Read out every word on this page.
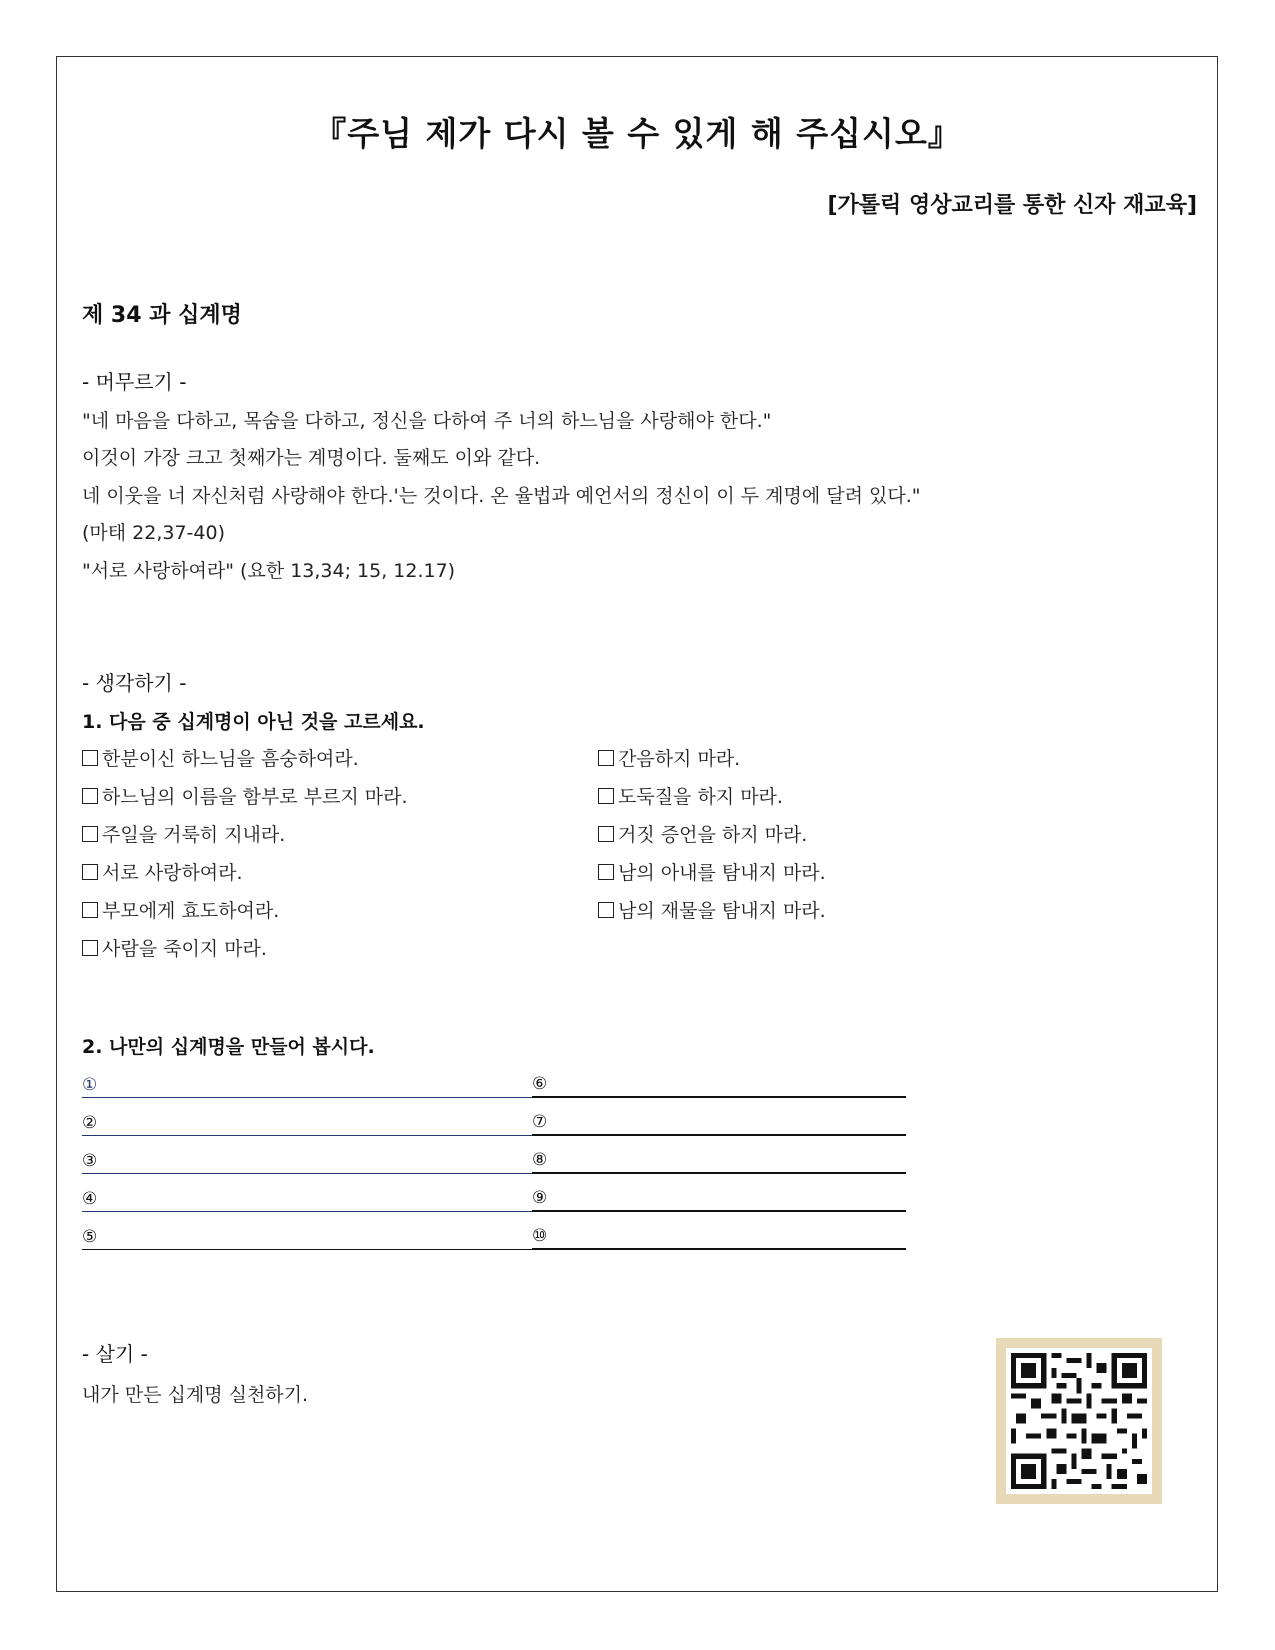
『주님 제가 다시 볼 수 있게 해 주십시오』
[가톨릭 영상교리를 통한 신자 재교육]
제 34 과 십계명
- 머무르기 -
"네 마음을 다하고, 목숨을 다하고, 정신을 다하여 주 너의 하느님을 사랑해야 한다."
이것이 가장 크고 첫째가는 계명이다. 둘째도 이와 같다.
네 이웃을 너 자신처럼 사랑해야 한다.'는 것이다. 온 율법과 예언서의 정신이 이 두 계명에 달려 있다."
(마태 22,37-40)
"서로 사랑하여라" (요한 13,34; 15, 12.17)
- 생각하기 -
1. 다음 중 십계명이 아닌 것을 고르세요.
한분이신 하느님을 흠숭하여라.
하느님의 이름을 함부로 부르지 마라.
주일을 거룩히 지내라.
서로 사랑하여라.
부모에게 효도하여라.
사람을 죽이지 마라.
간음하지 마라.
도둑질을 하지 마라.
거짓 증언을 하지 마라.
남의 아내를 탐내지 마라.
남의 재물을 탐내지 마라.
2. 나만의 십계명을 만들어 봅시다.
①
②
③
④
⑤
⑥
⑦
⑧
⑨
⑩
- 살기 -
내가 만든 십계명 실천하기.
